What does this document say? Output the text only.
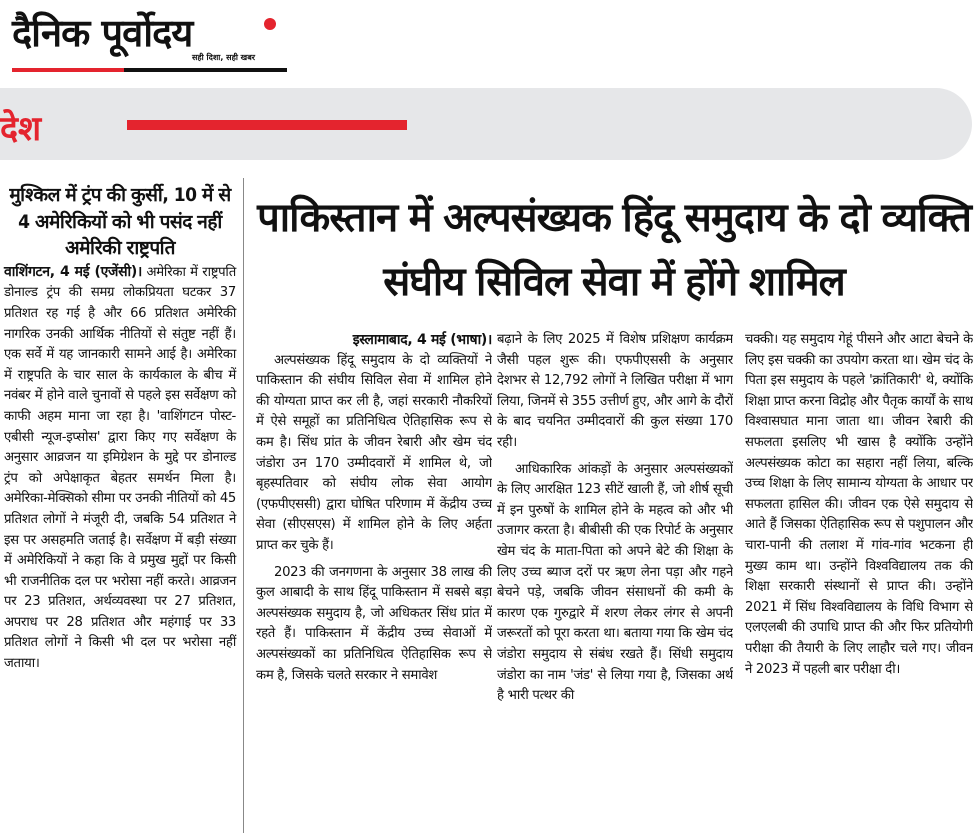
दैनिक पूर्वोदय
सही दिशा, सही खबर
देश
मुश्किल में ट्रंप की कुर्सी, 10 में से 4 अमेरिकियों को भी पसंद नहीं अमेरिकी राष्ट्रपति
वाशिंगटन, 4 मई (एजेंसी)। अमेरिका में राष्ट्रपति डोनाल्ड ट्रंप की समग्र लोकप्रियता घटकर 37 प्रतिशत रह गई है और 66 प्रतिशत अमेरिकी नागरिक उनकी आर्थिक नीतियों से संतुष्ट नहीं हैं। एक सर्वे में यह जानकारी सामने आई है। अमेरिका में राष्ट्रपति के चार साल के कार्यकाल के बीच में नवंबर में होने वाले चुनावों से पहले इस सर्वेक्षण को काफी अहम माना जा रहा है। 'वाशिंगटन पोस्ट-एबीसी न्यूज-इप्सोस' द्वारा किए गए सर्वेक्षण के अनुसार आव्रजन या इमिग्रेशन के मुद्दे पर डोनाल्ड ट्रंप को अपेक्षाकृत बेहतर समर्थन मिला है। अमेरिका-मेक्सिको सीमा पर उनकी नीतियों को 45 प्रतिशत लोगों ने मंजूरी दी, जबकि 54 प्रतिशत ने इस पर असहमति जताई है। सर्वेक्षण में बड़ी संख्या में अमेरिकियों ने कहा कि वे प्रमुख मुद्दों पर किसी भी राजनीतिक दल पर भरोसा नहीं करते। आव्रजन पर 23 प्रतिशत, अर्थव्यवस्था पर 27 प्रतिशत, अपराध पर 28 प्रतिशत और महंगाई पर 33 प्रतिशत लोगों ने किसी भी दल पर भरोसा नहीं जताया।
पाकिस्तान में अल्पसंख्यक हिंदू समुदाय के दो व्यक्ति संघीय सिविल सेवा में होंगे शामिल

इस्लामाबाद, 4 मई (भाषा)।

अल्पसंख्यक हिंदू समुदाय के दो व्यक्तियों ने पाकिस्तान की संघीय सिविल सेवा में शामिल होने की योग्यता प्राप्त कर ली है, जहां सरकारी नौकरियों में ऐसे समूहों का प्रतिनिधित्व ऐतिहासिक रूप से कम है। सिंध प्रांत के जीवन रेबारी और खेम चंद जंडोरा उन 170 उम्मीदवारों में शामिल थे, जो बृहस्पतिवार को संघीय लोक सेवा आयोग (एफपीएससी) द्वारा घोषित परिणाम में केंद्रीय उच्च सेवा (सीएसएस) में शामिल होने के लिए अर्हता प्राप्त कर चुके हैं।

2023 की जनगणना के अनुसार 38 लाख की कुल आबादी के साथ हिंदू पाकिस्तान में सबसे बड़ा अल्पसंख्यक समुदाय है, जो अधिकतर सिंध प्रांत में रहते हैं। पाकिस्तान में केंद्रीय उच्च सेवाओं में अल्पसंख्यकों का प्रतिनिधित्व ऐतिहासिक रूप से कम है, जिसके चलते सरकार ने समावेश

बढ़ाने के लिए 2025 में विशेष प्रशिक्षण कार्यक्रम जैसी पहल शुरू की। एफपीएससी के अनुसार देशभर से 12,792 लोगों ने लिखित परीक्षा में भाग लिया, जिनमें से 355 उत्तीर्ण हुए, और आगे के दौरों के बाद चयनित उम्मीदवारों की कुल संख्या 170 रही।

आधिकारिक आंकड़ों के अनुसार अल्पसंख्यकों के लिए आरक्षित 123 सीटें खाली हैं, जो शीर्ष सूची में इन पुरुषों के शामिल होने के महत्व को और भी उजागर करता है। बीबीसी की एक रिपोर्ट के अनुसार खेम चंद के माता-पिता को अपने बेटे की शिक्षा के लिए उच्च ब्याज दरों पर ऋण लेना पड़ा और गहने बेचने पड़े, जबकि जीवन संसाधनों की कमी के कारण एक गुरुद्वारे में शरण लेकर लंगर से अपनी जरूरतों को पूरा करता था। बताया गया कि खेम चंद जंडोरा समुदाय से संबंध रखते हैं। सिंधी समुदाय जंडोरा का नाम 'जंड' से लिया गया है, जिसका अर्थ है भारी पत्थर की

चक्की। यह समुदाय गेहूं पीसने और आटा बेचने के लिए इस चक्की का उपयोग करता था। खेम चंद के पिता इस समुदाय के पहले 'क्रांतिकारी' थे, क्योंकि शिक्षा प्राप्त करना विद्रोह और पैतृक कार्यों के साथ विश्वासघात माना जाता था। जीवन रेबारी की सफलता इसलिए भी खास है क्योंकि उन्होंने अल्पसंख्यक कोटा का सहारा नहीं लिया, बल्कि उच्च शिक्षा के लिए सामान्य योग्यता के आधार पर सफलता हासिल की। जीवन एक ऐसे समुदाय से आते हैं जिसका ऐतिहासिक रूप से पशुपालन और चारा-पानी की तलाश में गांव-गांव भटकना ही मुख्य काम था। उन्होंने विश्वविद्यालय तक की शिक्षा सरकारी संस्थानों से प्राप्त की। उन्होंने 2021 में सिंध विश्वविद्यालय के विधि विभाग से एलएलबी की उपाधि प्राप्त की और फिर प्रतियोगी परीक्षा की तैयारी के लिए लाहौर चले गए। जीवन ने 2023 में पहली बार परीक्षा दी।
